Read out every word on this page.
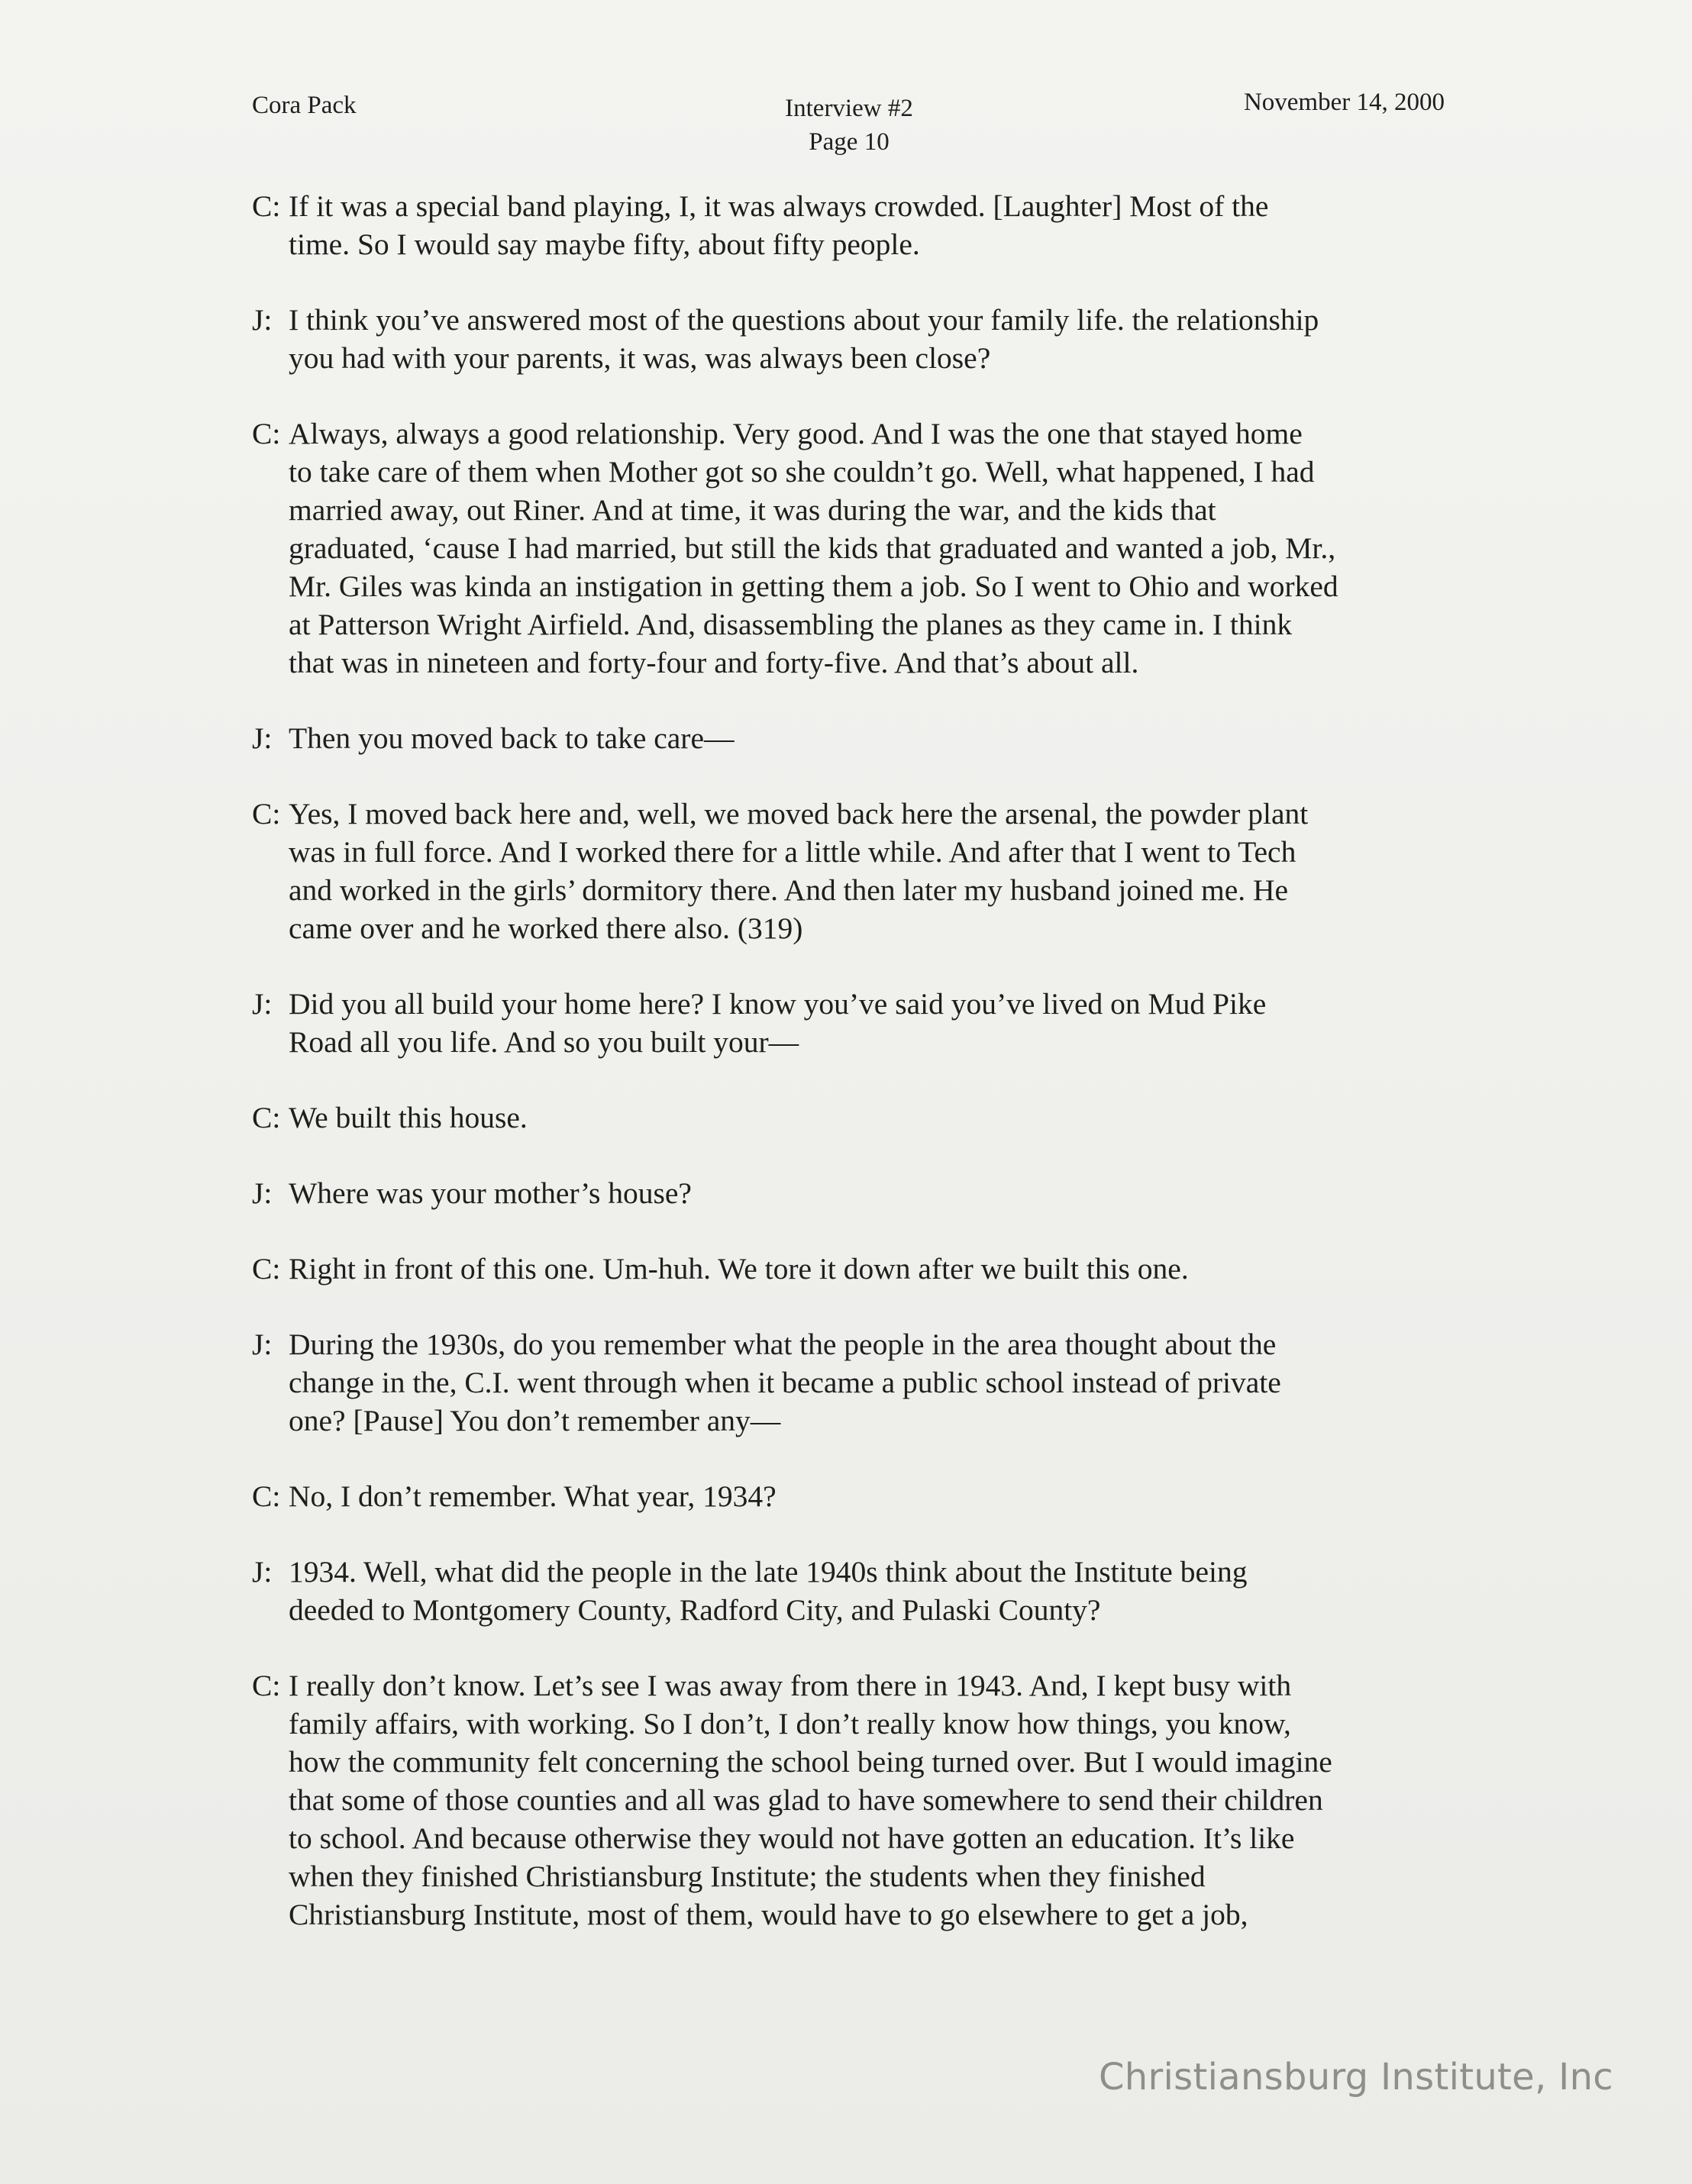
Cora Pack	Interview #2
Page 10
November 14, 2000
C: If it was a special band playing, I, it was always crowded. [Laughter] Most of the
time. So I would say maybe fifty, about fifty people.
J: I think you’ve answered most of the questions about your family life. the relationship
you had with your parents, it was, was always been close?
C: Always, always a good relationship. Very good. And I was the one that stayed home
to take care of them when Mother got so she couldn’t go. Well, what happened, I had
married away, out Riner. And at time, it was during the war, and the kids that
graduated, ‘cause I had married, but still the kids that graduated and wanted a job, Mr.,
Mr. Giles was kinda an instigation in getting them a job. So I went to Ohio and worked
at Patterson Wright Airfield. And, disassembling the planes as they came in. I think
that was in nineteen and forty-four and forty-five. And that’s about all.
J: Then you moved back to take care—
C: Yes, I moved back here and, well, we moved back here the arsenal, the powder plant
was in full force. And I worked there for a little while. And after that I went to Tech
and worked in the girls’ dormitory there. And then later my husband joined me. He
came over and he worked there also. (319)
J: Did you all build your home here? I know you’ve said you’ve lived on Mud Pike
Road all you life. And so you built your—
C: We built this house.
J: Where was your mother’s house?
C: Right in front of this one. Um-huh. We tore it down after we built this one.
J: During the 1930s, do you remember what the people in the area thought about the
change in the, C.I. went through when it became a public school instead of private
one? [Pause] You don’t remember any—
C: No, I don’t remember. What year, 1934?
J: 1934. Well, what did the people in the late 1940s think about the Institute being
deeded to Montgomery County, Radford City, and Pulaski County?
C: I really don’t know. Let’s see I was away from there in 1943. And, I kept busy with
family affairs, with working. So I don’t, I don’t really know how things, you know,
how the community felt concerning the school being turned over. But I would imagine
that some of those counties and all was glad to have somewhere to send their children
to school. And because otherwise they would not have gotten an education. It’s like
when they finished Christiansburg Institute; the students when they finished
Christiansburg Institute, most of them, would have to go elsewhere to get a job,
Christiansburg Institute, Inc
